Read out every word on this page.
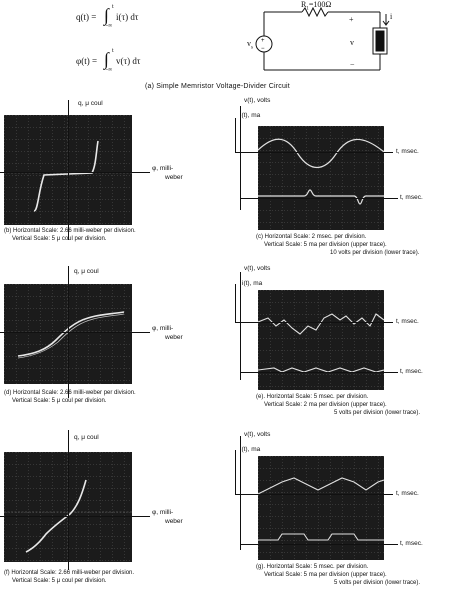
q(t) =
t
∫
-∞
i(τ) dτ
φ(t) =
t
∫
-∞
v(τ) dτ
+
−
$R_1=100\Omega$
$v_s$
+
v
−
i
(a) Simple Memristor Voltage-Divider Circuit
q, μ coul
φ, milli-
weber
(b) Horizontal Scale: 2.66 milli-weber per division.
Vertical Scale: 5 μ coul per division.
v(t), volts
i(t), ma
t, msec.
t, msec.
(c) Horizontal Scale: 2 msec. per division.
Vertical Scale: 5 ma per division (upper trace).
10 volts per division (lower trace).
q, μ coul
φ, milli-
weber
(d) Horizontal Scale: 2.66 milli-weber per division.
Vertical Scale: 5 μ coul per division.
v(t), volts
i(t), ma
t, msec.
t, msec.
(e). Horizontal Scale: 5 msec. per division.
Vertical Scale: 2 ma per division (upper trace).
5 volts per division (lower trace).
q, μ coul
φ, milli-
weber
(f) Horizontal Scale: 2.66 milli-weber per division.
Vertical Scale: 5 μ coul per division.
v(t), volts
i(t), ma
t, msec.
t, msec.
(g). Horizontal Scale: 5 msec. per division.
Vertical Scale: 5 ma per division (upper trace).
5 volts per division (lower trace).
